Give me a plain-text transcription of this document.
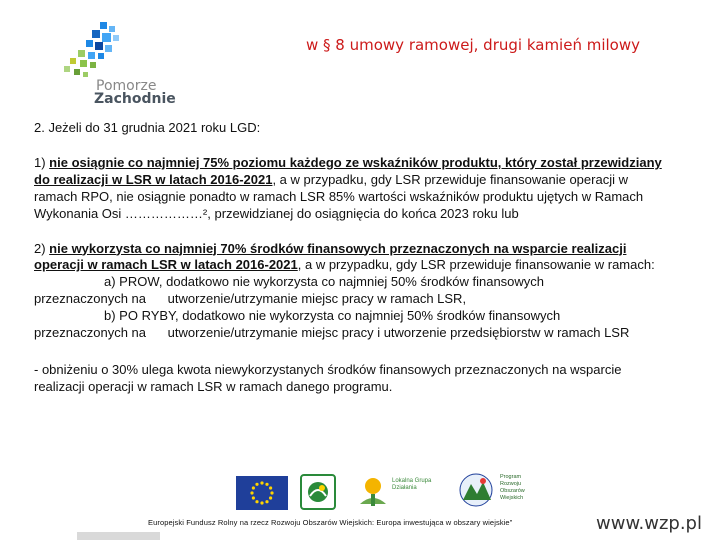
Pomorze
Zachodnie
w § 8 umowy ramowej, drugi kamień milowy

2. Jeżeli do 31 grudnia 2021 roku LGD:

1) nie osiągnie co najmniej 75% poziomu każdego ze wskaźników produktu, który został przewidziany do realizacji w LSR w latach 2016-2021, a w przypadku, gdy LSR przewiduje finansowanie operacji w ramach RPO, nie osiągnie ponadto w ramach LSR 85% wartości wskaźników produktu ujętych w Ramach Wykonania Osi ………………², przewidzianej do osiągnięcia do końca 2023 roku lub

2) nie wykorzysta co najmniej 70% środków finansowych przeznaczonych na wsparcie realizacji operacji w ramach LSR w latach 2016-2021, a w przypadku, gdy LSR przewiduje finansowanie w ramach:

a) PROW, dodatkowo nie wykorzysta co najmniej 50% środków finansowych

przeznaczonych na      utworzenie/utrzymanie miejsc pracy w ramach LSR,

b) PO RYBY, dodatkowo nie wykorzysta co najmniej 50% środków finansowych

przeznaczonych na      utworzenie/utrzymanie miejsc pracy i utworzenie przedsiębiorstw w ramach LSR

- obniżeniu o 30% ulega kwota niewykorzystanych środków finansowych przeznaczonych na wsparcie realizacji operacji w ramach LSR w ramach danego programu.

Lokalna Grupa Działania
Program Rozwoju Obszarów Wiejskich
Europejski Fundusz Rolny na rzecz Rozwoju Obszarów Wiejskich: Europa inwestująca w obszary wiejskie”	www.wzp.pl
